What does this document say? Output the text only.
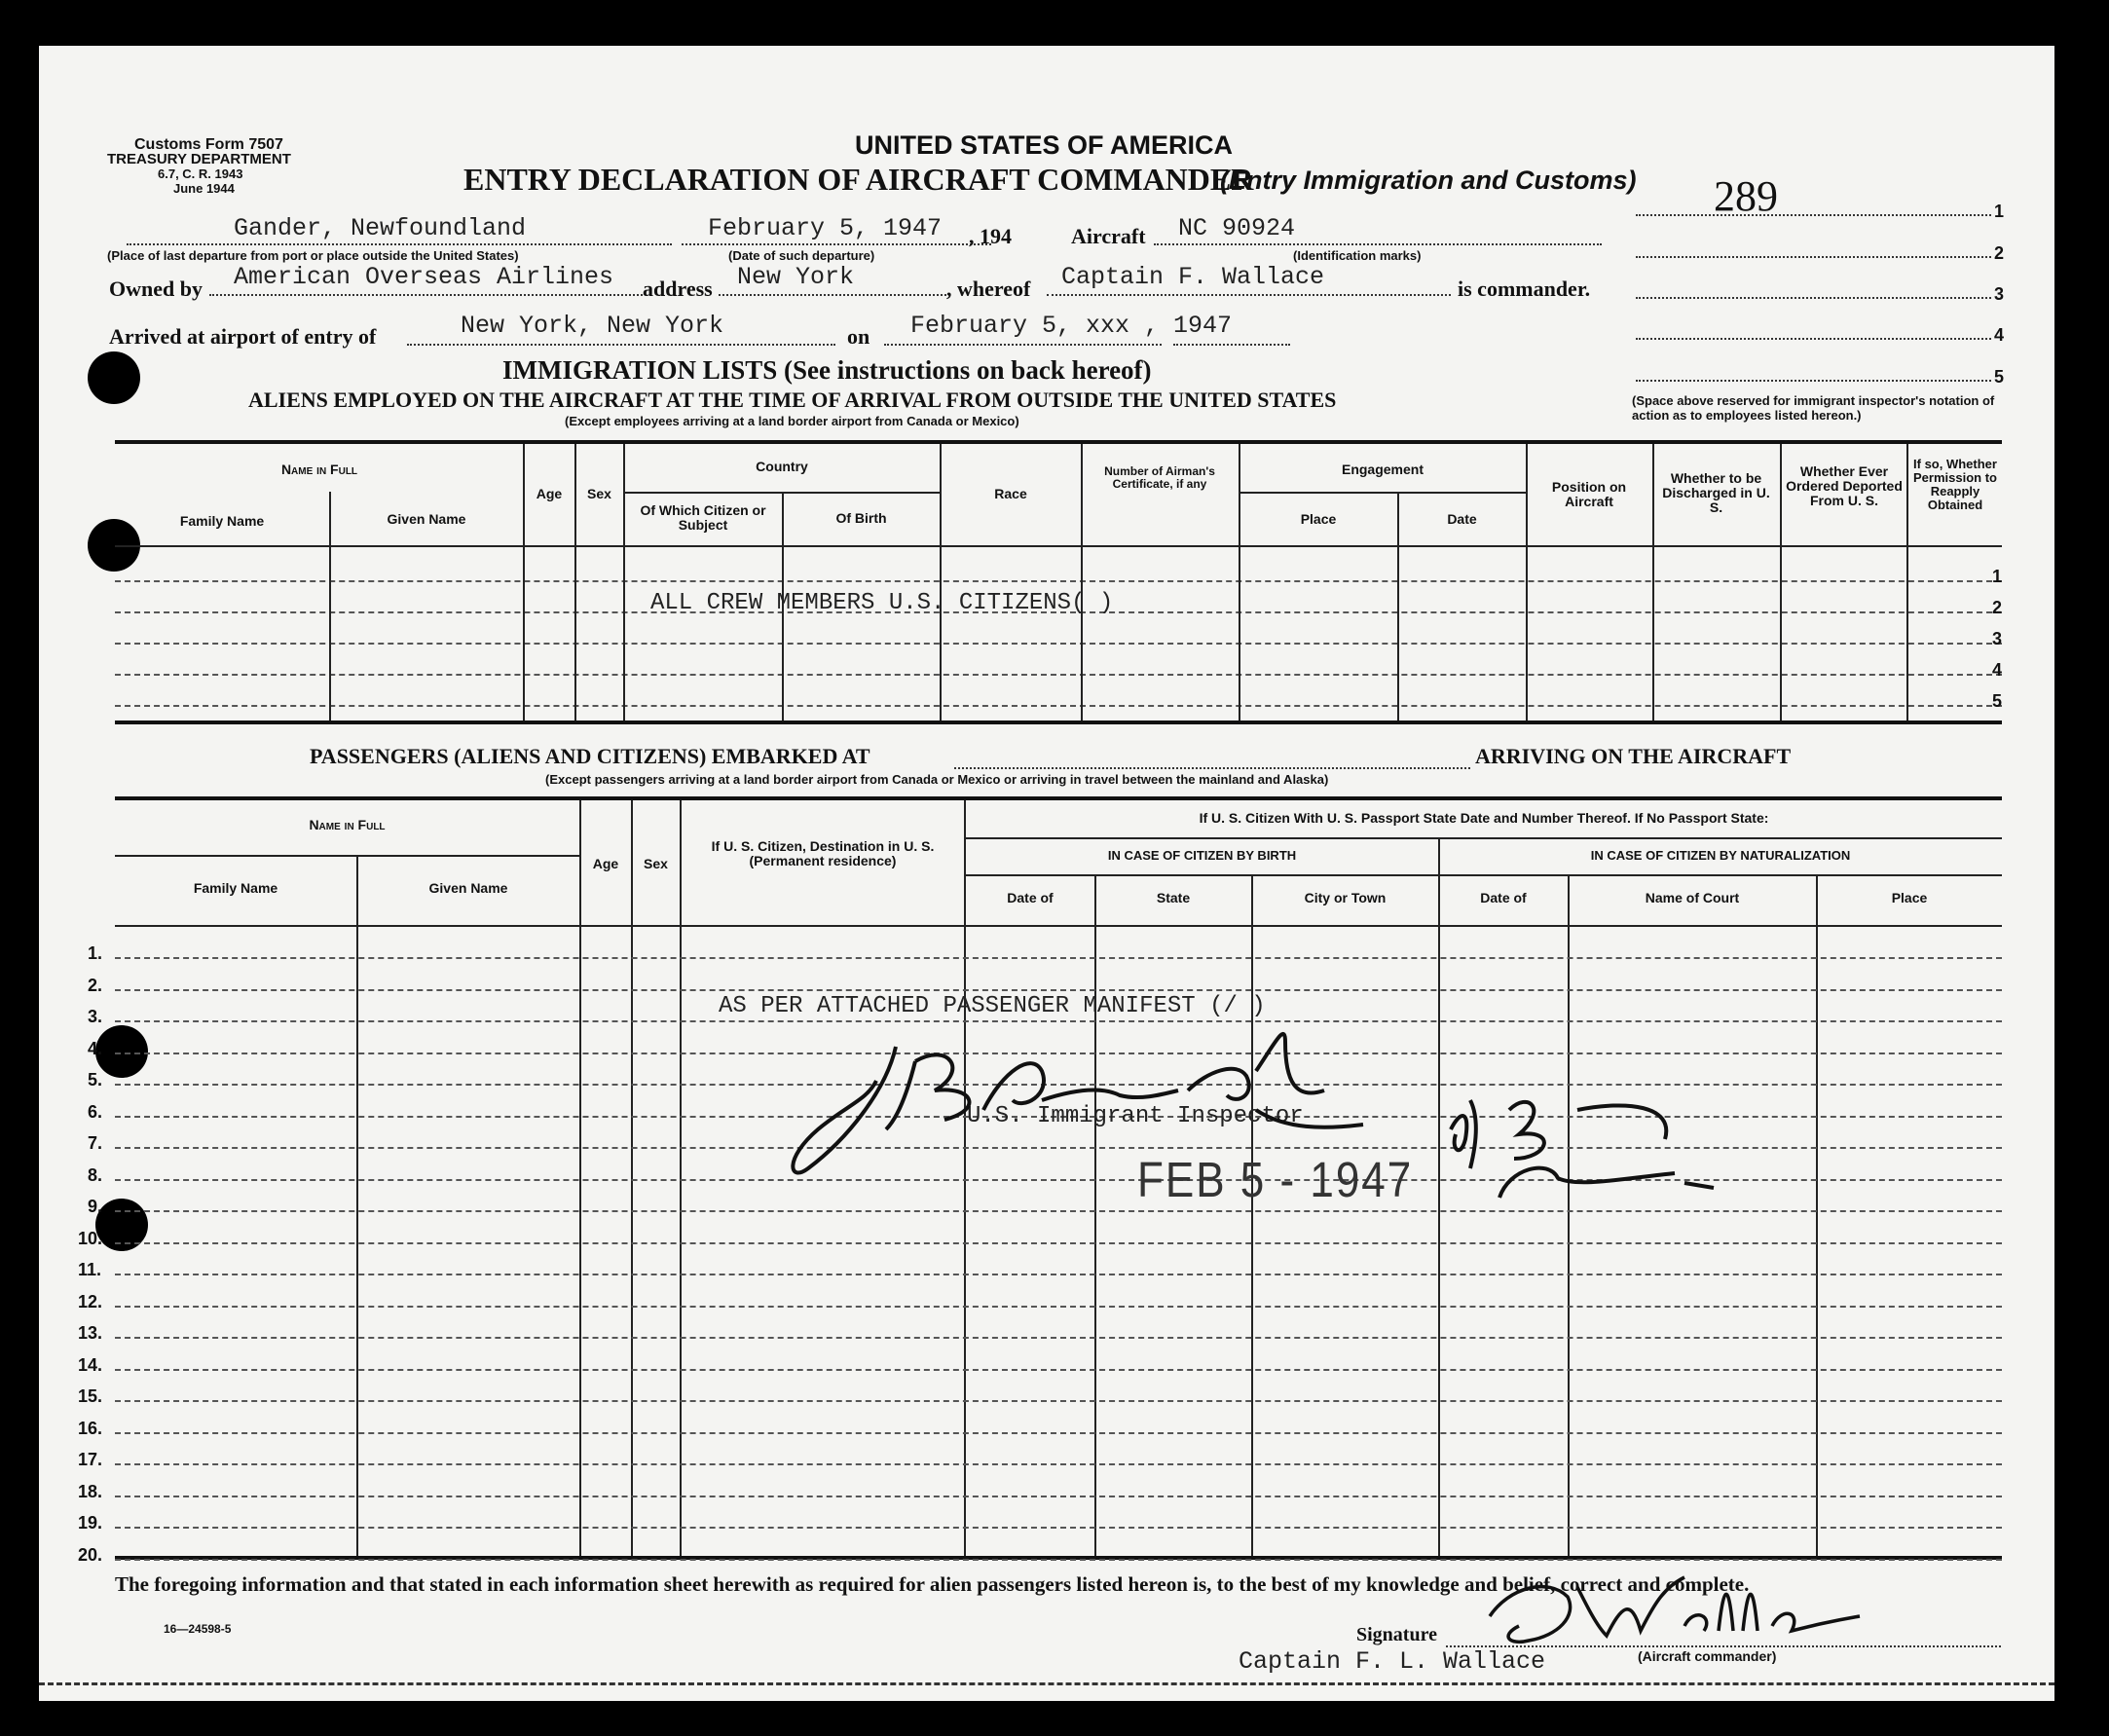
Customs Form 7507
TREASURY DEPARTMENT
6.7, C. R. 1943
June 1944
UNITED STATES OF AMERICA
ENTRY DECLARATION OF AIRCRAFT COMMANDER
(Entry Immigration and Customs) 289	1
2
3
4
5
(Space above reserved for immigrant inspector's notation of action as to employees listed hereon.)
Gander, Newfoundland	February 5, 1947 , 194	Aircraft NC 90924
(Place of last departure from port or place outside the United States)	(Date of such departure)	(Identification marks)
Owned by American Overseas Airlines address New York	, whereof Captain F. Wallace	is commander.
Arrived at airport of entry of	New York, New York	on February 5, xxx , 1947
IMMIGRATION LISTS (See instructions on back hereof)
ALIENS EMPLOYED ON THE AIRCRAFT AT THE TIME OF ARRIVAL FROM OUTSIDE THE UNITED STATES
(Except employees arriving at a land border airport from Canada or Mexico)
Name in Full
Family Name	Given Name
Age	Sex
Country
Of Which Citizen or Subject	Of Birth
Race
Number of Airman's Certificate, if any
Engagement
Place	Date
Position on Aircraft
Whether to be Discharged in U. S.
Whether Ever Ordered Deported From U. S.
If so, Whether Permission to Reapply Obtained
1
2
3
4
5
ALL CREW MEMBERS U.S. CITIZENS( )
PASSENGERS (ALIENS AND CITIZENS) EMBARKED AT	ARRIVING ON THE AIRCRAFT
(Except passengers arriving at a land border airport from Canada or Mexico or arriving in travel between the mainland and Alaska)
Name in Full
Family Name	Given Name
Age	Sex
If U. S. Citizen, Destination in U. S. (Permanent residence)
If U. S. Citizen With U. S. Passport State Date and Number Thereof. If No Passport State:
IN CASE OF CITIZEN BY BIRTH	IN CASE OF CITIZEN BY NATURALIZATION
Date of	State	City or Town	Date of	Name of Court	Place
1.
2.
3.
4.
5.
6.
7.
8.
9.
10.
11.
12.
13.
14.
15.
16.
17.
18.
19.
20.
AS PER ATTACHED PASSENGER MANIFEST (/ )
U.S. Immigrant Inspector
FEB 5 - 1947
The foregoing information and that stated in each information sheet herewith as required for alien passengers listed hereon is, to the best of my knowledge and belief, correct and complete.
16—24598-5	Signature
(Aircraft commander)
Captain F. L. Wallace
